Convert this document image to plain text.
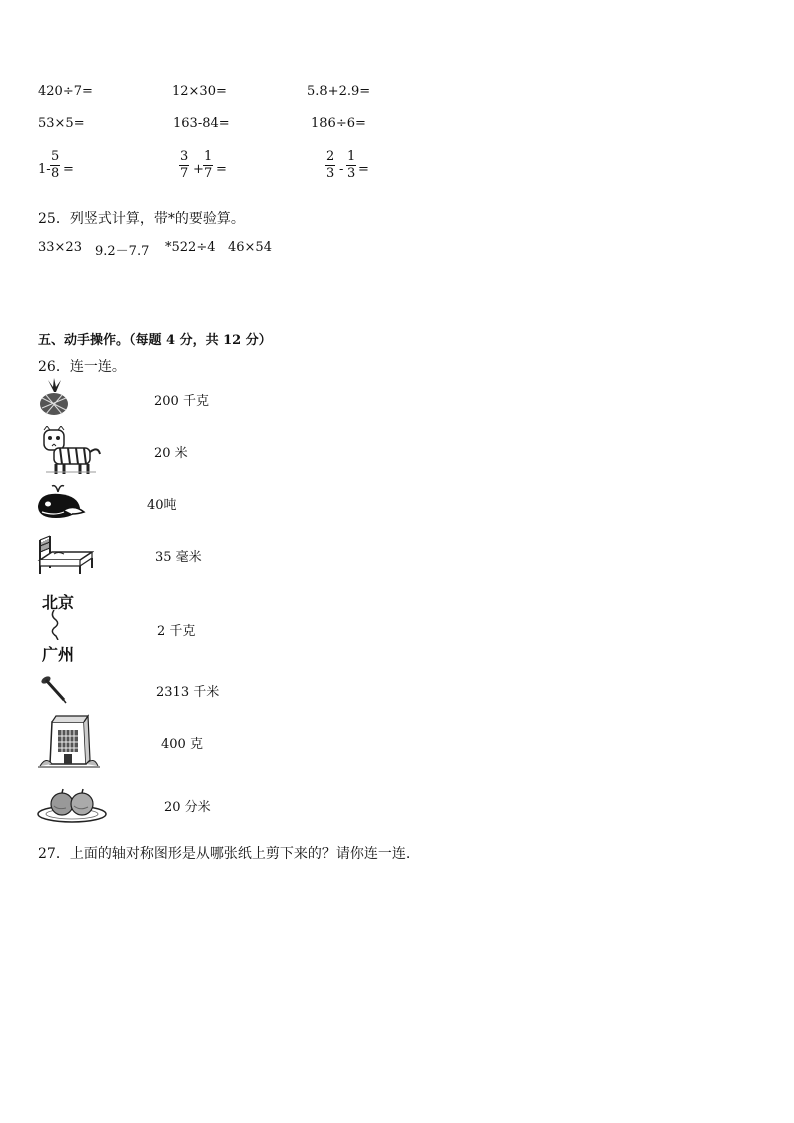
420÷7=	12×30=	5.8+2.9=
53×5=	163-84=	186÷6=
$1- \frac{5}{8}$ =	$\frac{3}{7} + \frac{1}{7}$ =	$\frac{2}{3} - \frac{1}{3}$ =
25．列竖式计算，带*的要验算。
33×23 9.2－7.7 *522÷4 46×54
五、动手操作。（每题 4 分，共 12 分）
26．连一连。
北京
广州
200 千克
20 米
40吨
35 毫米
2 千克
2313 千米
400 克
20 分米
27．上面的轴对称图形是从哪张纸上剪下来的？请你连一连.
